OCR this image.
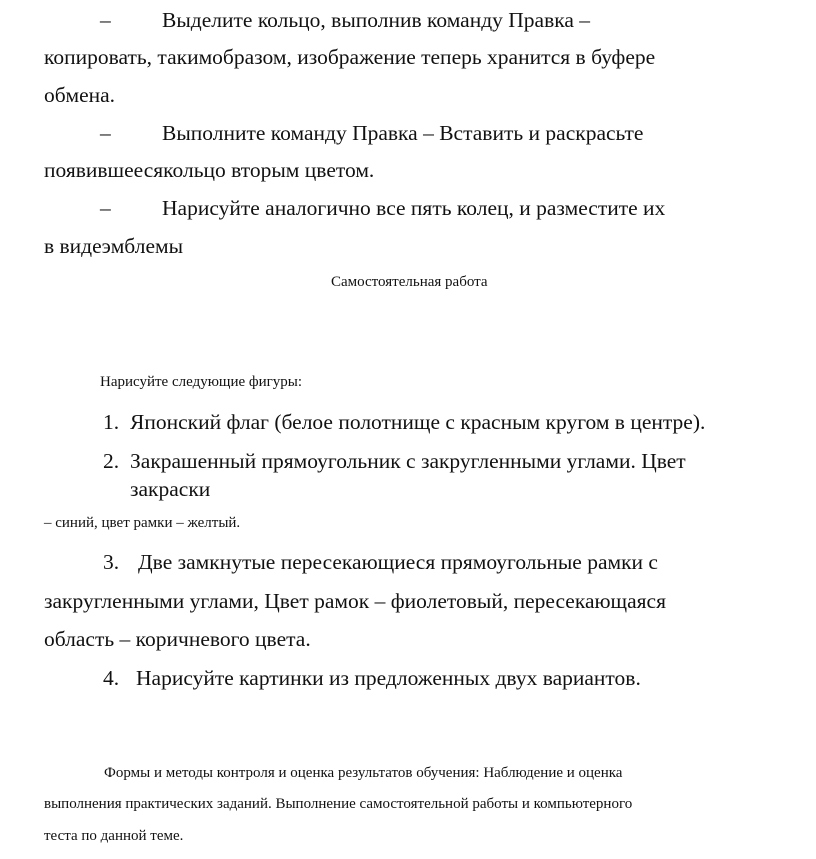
– Выделите кольцо, выполнив команду Правка –
копировать, такимобразом, изображение теперь хранится в буфере
обмена.
– Выполните команду Правка – Вставить и раскрасьте
появившеесякольцо вторым цветом.
– Нарисуйте аналогично все пять колец, и разместите их
в видеэмблемы
Самостоятельная работа
Нарисуйте следующие фигуры:
1. Японский флаг (белое полотнище с красным кругом в центре).
2. Закрашенный прямоугольник с закругленными углами. Цвет
закраски
– синий, цвет рамки – желтый.
3. Две замкнутые пересекающиеся прямоугольные рамки с
закругленными углами, Цвет рамок – фиолетовый, пересекающаяся
область – коричневого цвета.
4. Нарисуйте картинки из предложенных двух вариантов.
Формы и методы контроля и оценка результатов обучения: Наблюдение и оценка
выполнения практических заданий. Выполнение самостоятельной работы и компьютерного
теста по данной теме.
